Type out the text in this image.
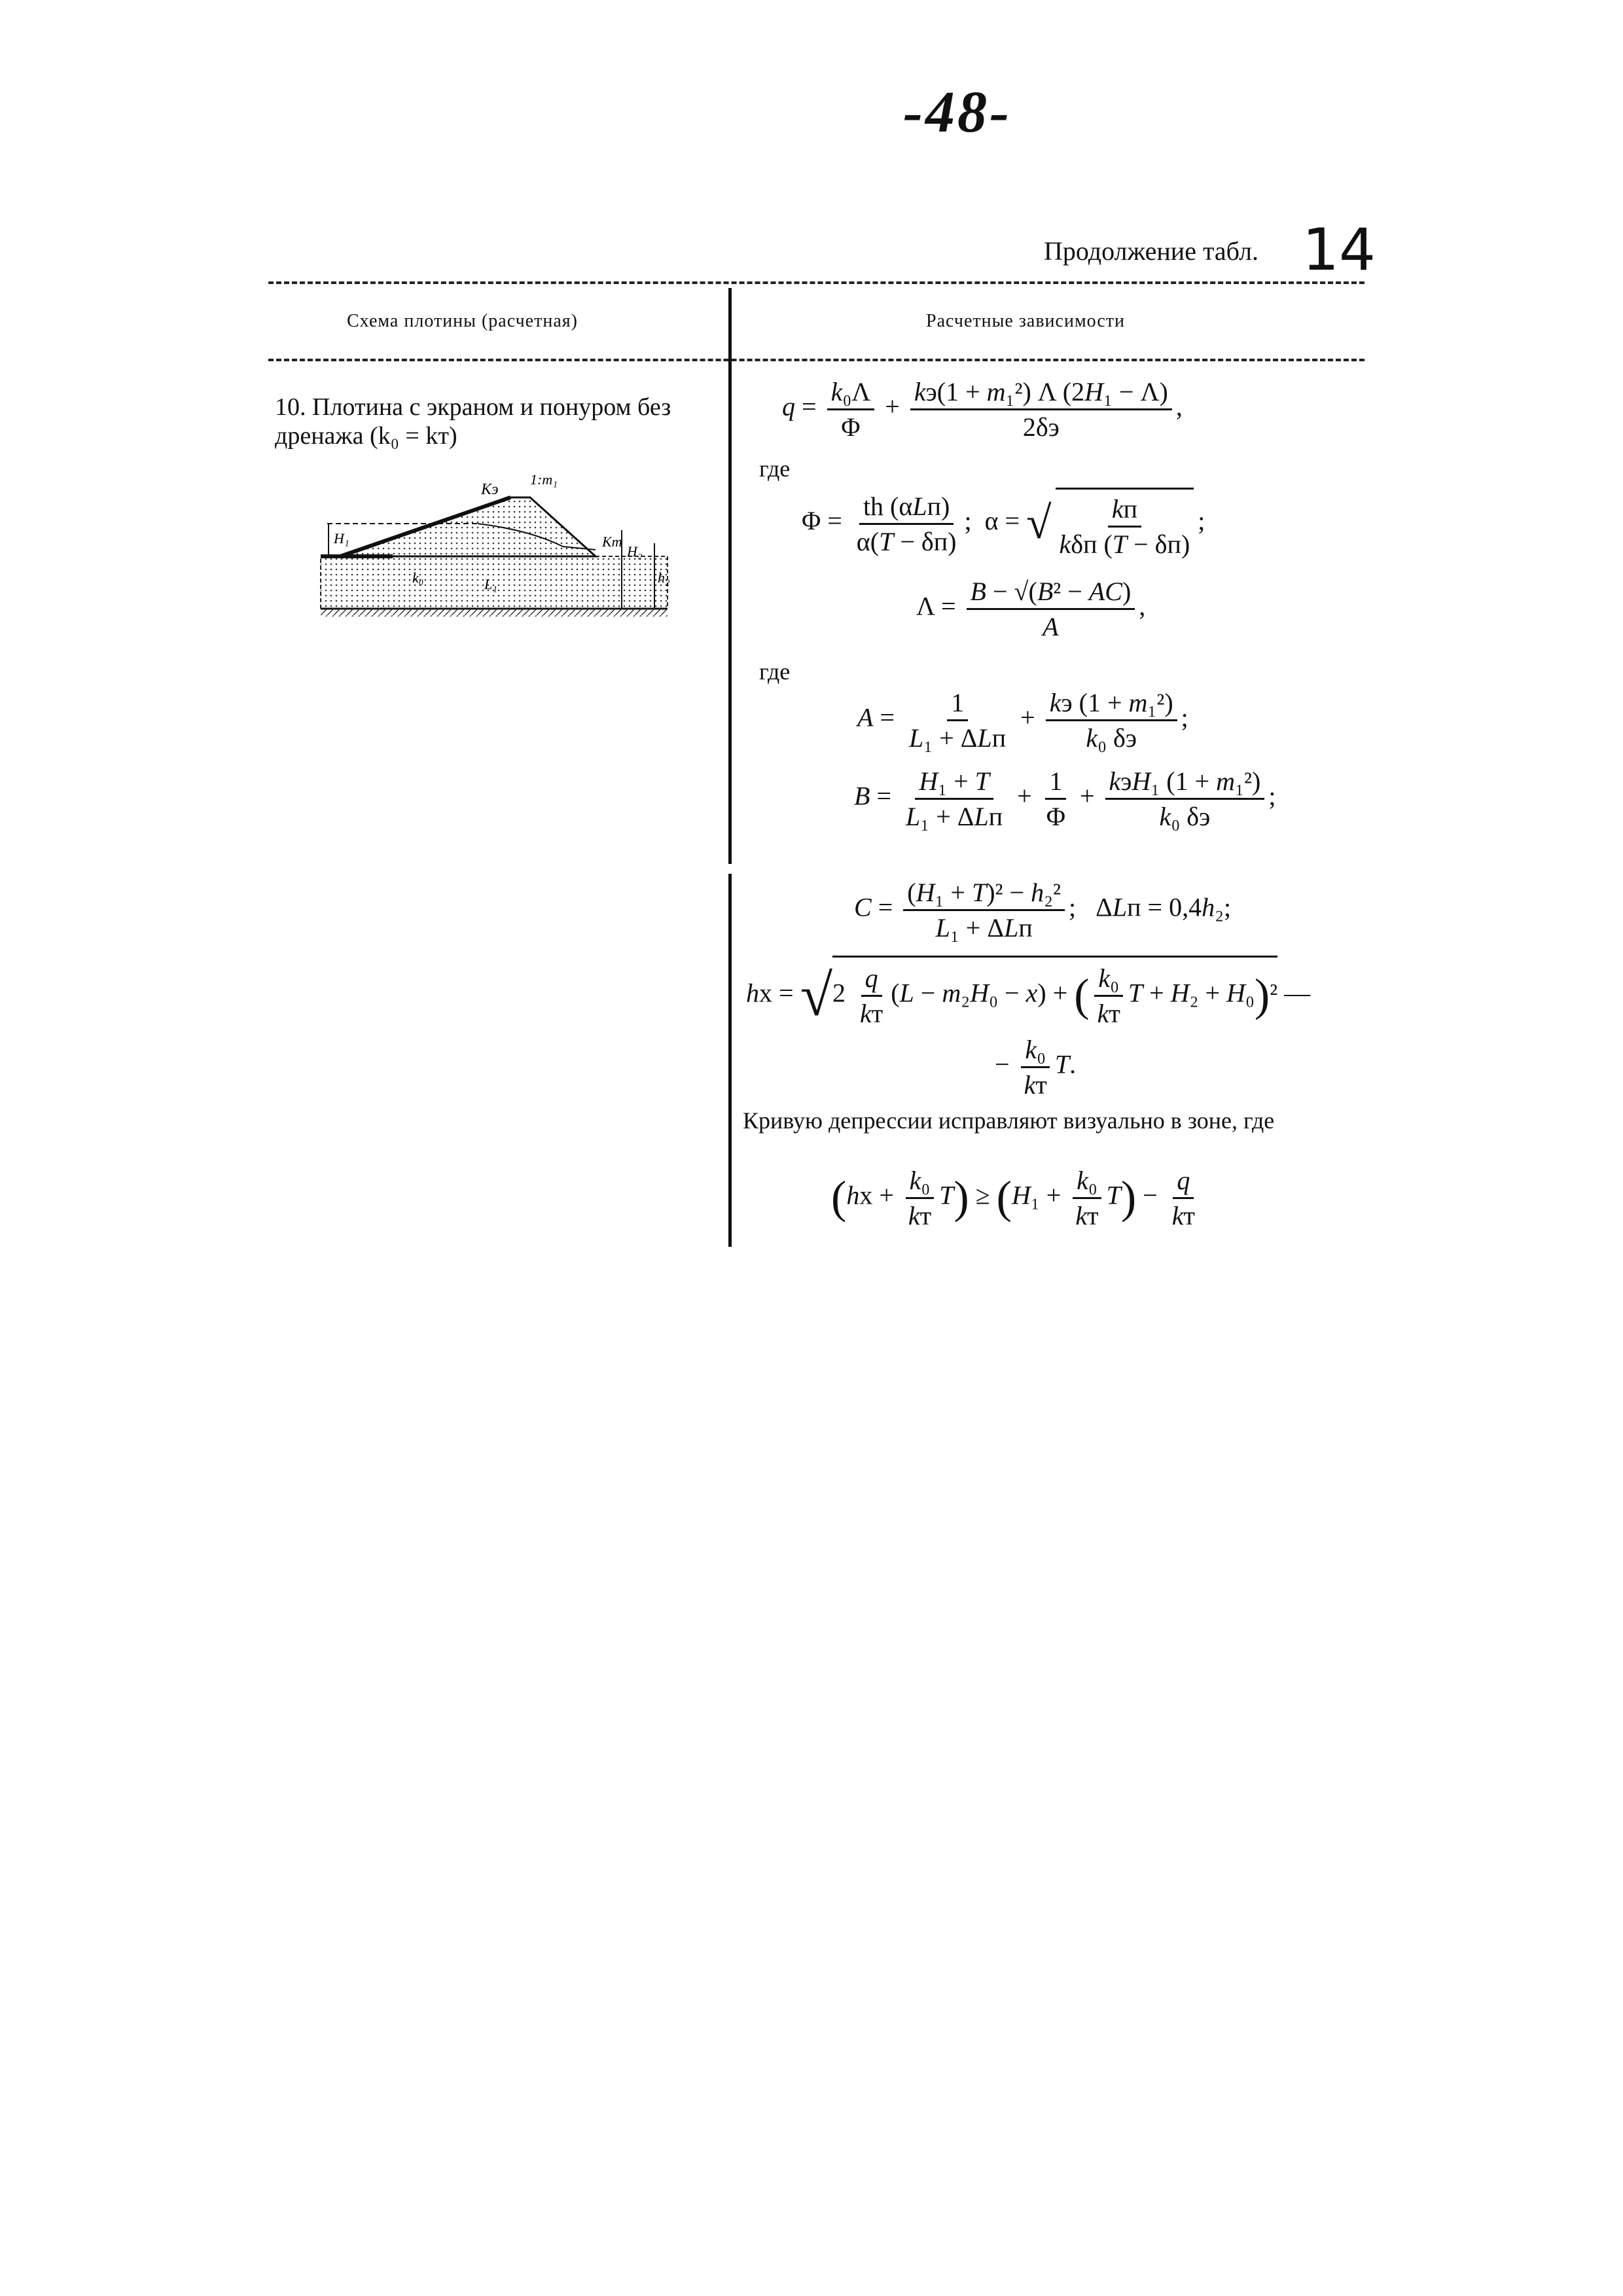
-48-
Продолжение табл. 14
Схема плотины (расчетная)	Расчетные зависимости
10. Плотина с экраном и понуром без дренажа (k₀ = kт)
Kэ
1:m₁
H₁
k₀	L₁
Kт
H₂
h₂
$q = \frac{\text{k₀Λ}}{\Phi} + \frac{\text{kэ(1 + m₁²) Λ (2H₁ − Λ)}}{2\delta э}$ ,
где
$\Phi = \frac{\text{th (αLп)}}{\alpha(T - \delta п)}$ ;  α = √ $\frac{kп}{\text{kδп (T − δп)}}$ ;
$\Lambda = \frac{\text{B − √(B² − AC)}}{A}$ ,
где
$A = \frac{1}{\text{L₁ + ΔLп}} + \frac{\text{kэ (1 + m₁²)}}{\text{k₀ δэ}}$ ;
$B = \frac{\text{H₁ + T}}{\text{L₁ + ΔLп}} + \frac{1}{\Phi} + \frac{\text{kэH₁ (1 + m₁²)}}{\text{k₀ δэ}}$ ;
$C = \frac{\text{(H₁ + T)² − h₂²}}{\text{L₁ + ΔLп}}$ ;   ΔLп = 0,4h₂;
hx = $√2 \frac{q}{kт} (L - m_2H_0 - x)$ + ( $\frac{\text{k₀}}{kт}$ T + H₂ + H₀)² —
− $\frac{\text{k₀}}{kт} T$.
Кривую депрессии исправляют визуально в зоне, где
$(hx + \frac{\text{k₀}}{kт} T) \ge (H_1 + \frac{\text{k₀}}{kт} T) - \frac{q}{kт}$
